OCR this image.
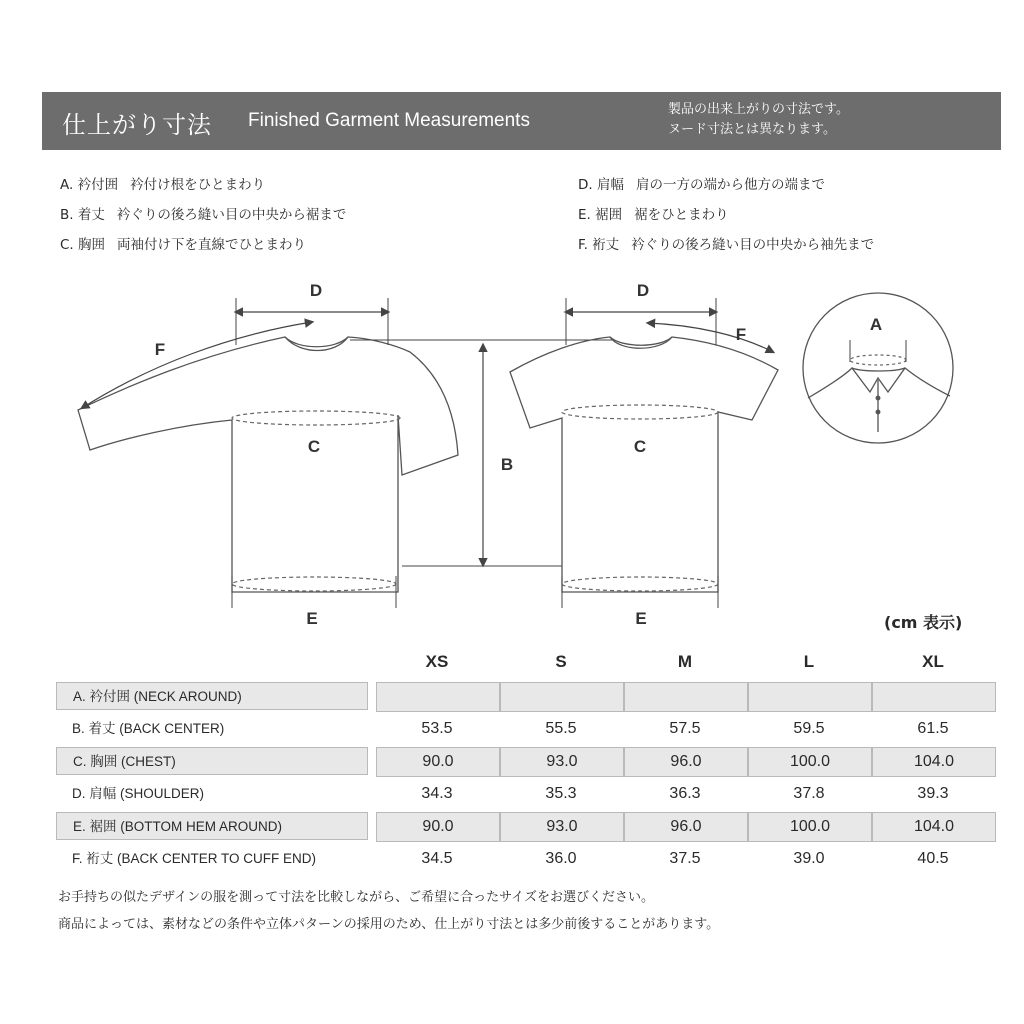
仕上がり寸法 Finished Garment Measurements
製品の出来上がりの寸法です。
ヌード寸法とは異なります。
A. 衿付囲 衿付け根をひとまわり
B. 着丈 衿ぐりの後ろ縫い目の中央から裾まで
C. 胸囲 両袖付け下を直線でひとまわり
D. 肩幅 肩の一方の端から他方の端まで
E. 裾囲 裾をひとまわり
F. 裄丈 衿ぐりの後ろ縫い目の中央から袖先まで
D
F
C
E
B
D
F
C
E
A
(cm 表示)
XS	S	M	L	XL
A. 衿付囲 (NECK AROUND)
B. 着丈 (BACK CENTER)	53.5	55.5	57.5	59.5	61.5
C. 胸囲 (CHEST)	90.0	93.0	96.0	100.0	104.0
D. 肩幅 (SHOULDER)	34.3	35.3	36.3	37.8	39.3
E. 裾囲 (BOTTOM HEM AROUND)	90.0	93.0	96.0	100.0	104.0
F. 裄丈 (BACK CENTER TO CUFF END)	34.5	36.0	37.5	39.0	40.5
お手持ちの似たデザインの服を測って寸法を比較しながら、ご希望に合ったサイズをお選びください。
商品によっては、素材などの条件や立体パターンの採用のため、仕上がり寸法とは多少前後することがあります。
